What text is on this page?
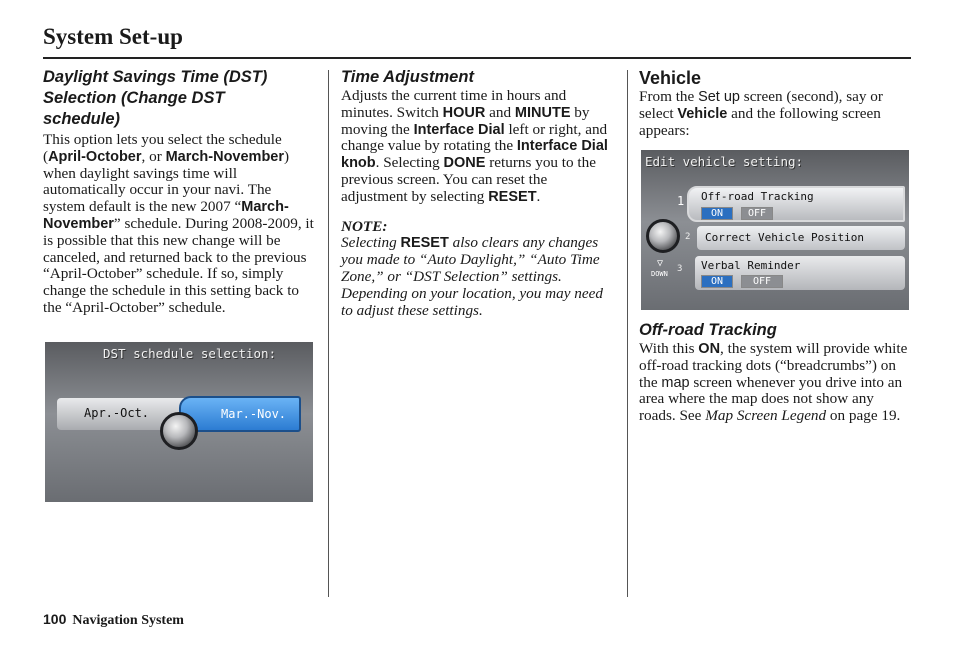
System Set-up

Daylight Savings Time (DST) Selection (Change DST schedule)

This option lets you select the schedule (April-October, or March-November) when daylight savings time will automatically occur in your navi. The system default is the new 2007 “March-November” schedule. During 2008-2009, it is possible that this new change will be canceled, and returned back to the previous “April-October” schedule. If so, simply change the schedule in this setting back to the “April-October” schedule.

DST schedule selection:
Apr.-Oct.	Mar.-Nov.

Time Adjustment

Adjusts the current time in hours and minutes. Switch HOUR and MINUTE by moving the Interface Dial left or right, and change value by rotating the Interface Dial knob. Selecting DONE returns you to the previous screen. You can reset the adjustment by selecting RESET.

NOTE:

Selecting RESET also clears any changes you made to “Auto Daylight,” “Auto Time Zone,” or “DST Selection” settings. Depending on your location, you may need to adjust these settings.

Vehicle

From the Set up screen (second), say or select Vehicle and the following screen appears:

Edit vehicle setting:
Off-road Tracking
ON	OFF
1
Correct Vehicle Position
2
Verbal Reminder
ON	OFF
3
▽
DOWN

Off-road Tracking

With this ON, the system will provide white off-road tracking dots (“breadcrumbs”) on the map screen whenever you drive into an area where the map does not show any roads. See Map Screen Legend on page 19.

100 Navigation System
